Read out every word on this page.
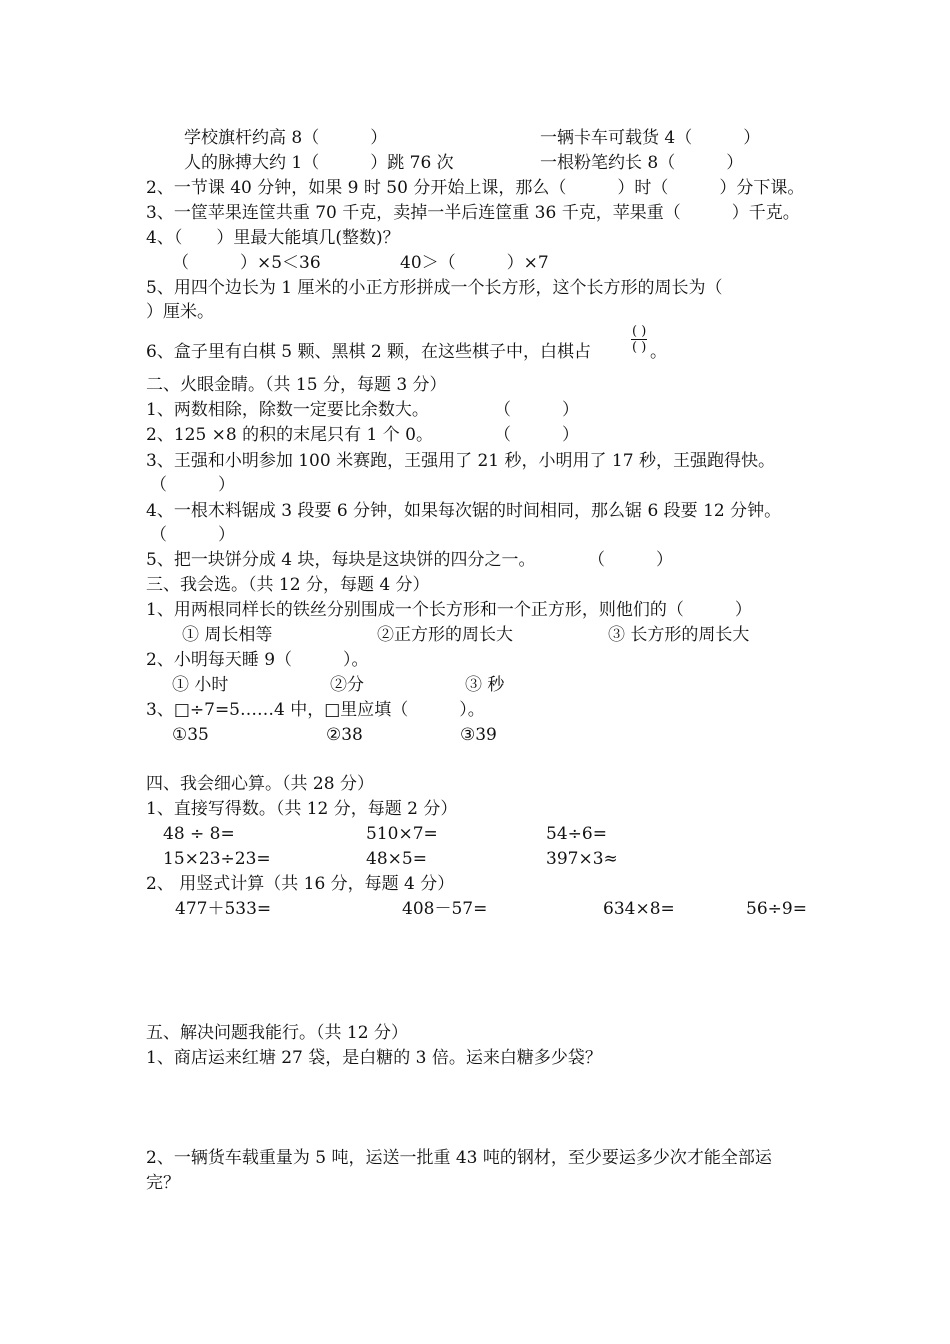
学校旗杆约高 8（　　　）	一辆卡车可载货 4（　　　）
人的脉搏大约 1（　　　）跳 76 次	一根粉笔约长 8（　　　）
2、一节课 40 分钟，如果 9 时 50 分开始上课，那么（　　　）时（　　　）分下课。
3、一筐苹果连筐共重 70 千克，卖掉一半后连筐重 36 千克，苹果重（　　　）千克。
4、（　　）里最大能填几(整数)？
（　　　）×5＜36	40＞（　　　）×7
5、用四个边长为 1 厘米的小正方形拼成一个长方形，这个长方形的周长为（
）厘米。
6、盒子里有白棋 5 颗、黑棋 2 颗，在这些棋子中，白棋占
( )
( ) 。
二、火眼金睛。（共 15 分，每题 3 分）
1、两数相除，除数一定要比余数大。	（　　　）
2、125 ×8 的积的末尾只有 1 个 0。	（　　　）
3、王强和小明参加 100 米赛跑，王强用了 21 秒，小明用了 17 秒，王强跑得快。
（　　　）
4、一根木料锯成 3 段要 6 分钟，如果每次锯的时间相同，那么锯 6 段要 12 分钟。
（　　　）
5、把一块饼分成 4 块，每块是这块饼的四分之一。	（　　　）
三、我会选。（共 12 分，每题 4 分）
1、用两根同样长的铁丝分别围成一个长方形和一个正方形，则他们的（　　　）
① 周长相等	②正方形的周长大	③ 长方形的周长大
2、小明每天睡 9（　　　）。
① 小时	②分	③ 秒
3、□÷7=5……4 中，□里应填（　　　）。
①35	②38	③39
四、我会细心算。（共 28 分）
1、直接写得数。（共 12 分，每题 2 分）
48 ÷ 8=	510×7=	54÷6=
15×23÷23=	48×5=	397×3≈
2、 用竖式计算（共 16 分，每题 4 分）
477＋533=	408－57=	634×8=	56÷9=
五、解决问题我能行。（共 12 分）
1、商店运来红塘 27 袋，是白糖的 3 倍。运来白糖多少袋？
2、一辆货车载重量为 5 吨，运送一批重 43 吨的钢材，至少要运多少次才能全部运
完？
